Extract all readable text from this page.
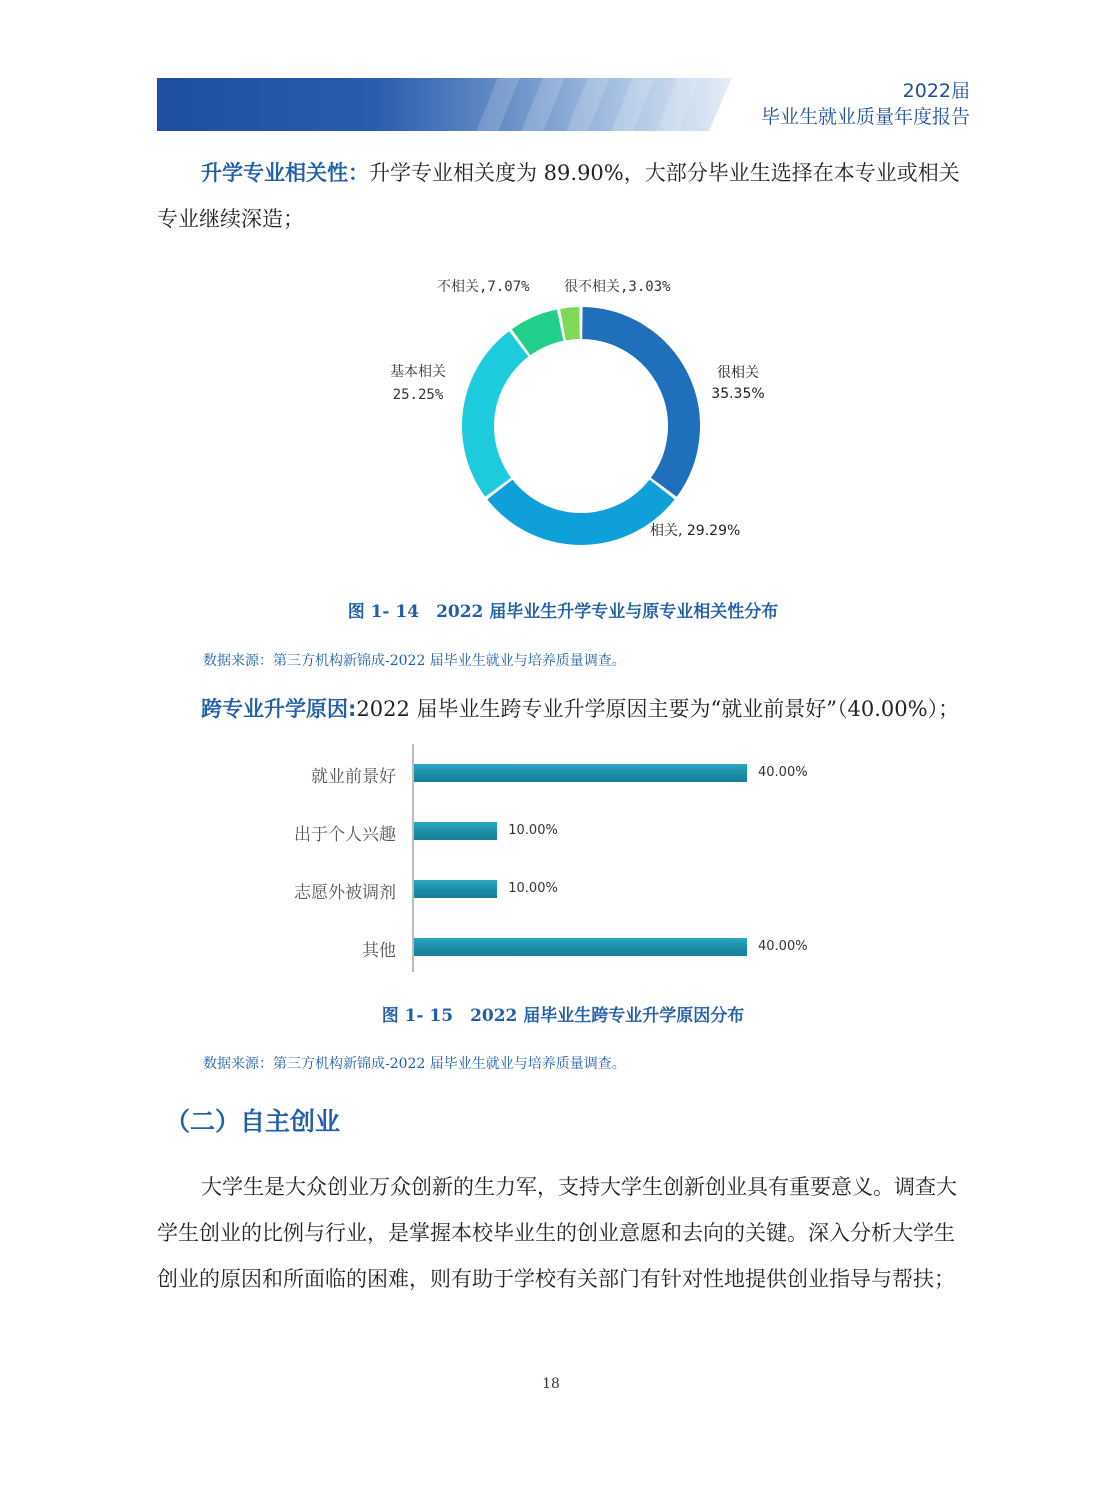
2022届
毕业生就业质量年度报告
升学专业相关性：升学专业相关度为 89.90%，大部分毕业生选择在本专业或相关专业继续深造；
不相关,7.07% 很不相关,3.03%
基本相关
25.25%
很相关
35.35%
相关, 29.29%
图 1- 14　2022 届毕业生升学专业与原专业相关性分布
数据来源：第三方机构新锦成-2022 届毕业生就业与培养质量调查。
跨专业升学原因:2022 届毕业生跨专业升学原因主要为“就业前景好”（40.00%）；
就业前景好
出于个人兴趣
志愿外被调剂
其他
40.00%
10.00%
10.00%
40.00%
图 1- 15　2022 届毕业生跨专业升学原因分布
数据来源：第三方机构新锦成-2022 届毕业生就业与培养质量调查。
（二）自主创业
大学生是大众创业万众创新的生力军，支持大学生创新创业具有重要意义。调查大学生创业的比例与行业，是掌握本校毕业生的创业意愿和去向的关键。深入分析大学生创业的原因和所面临的困难，则有助于学校有关部门有针对性地提供创业指导与帮扶；
18
